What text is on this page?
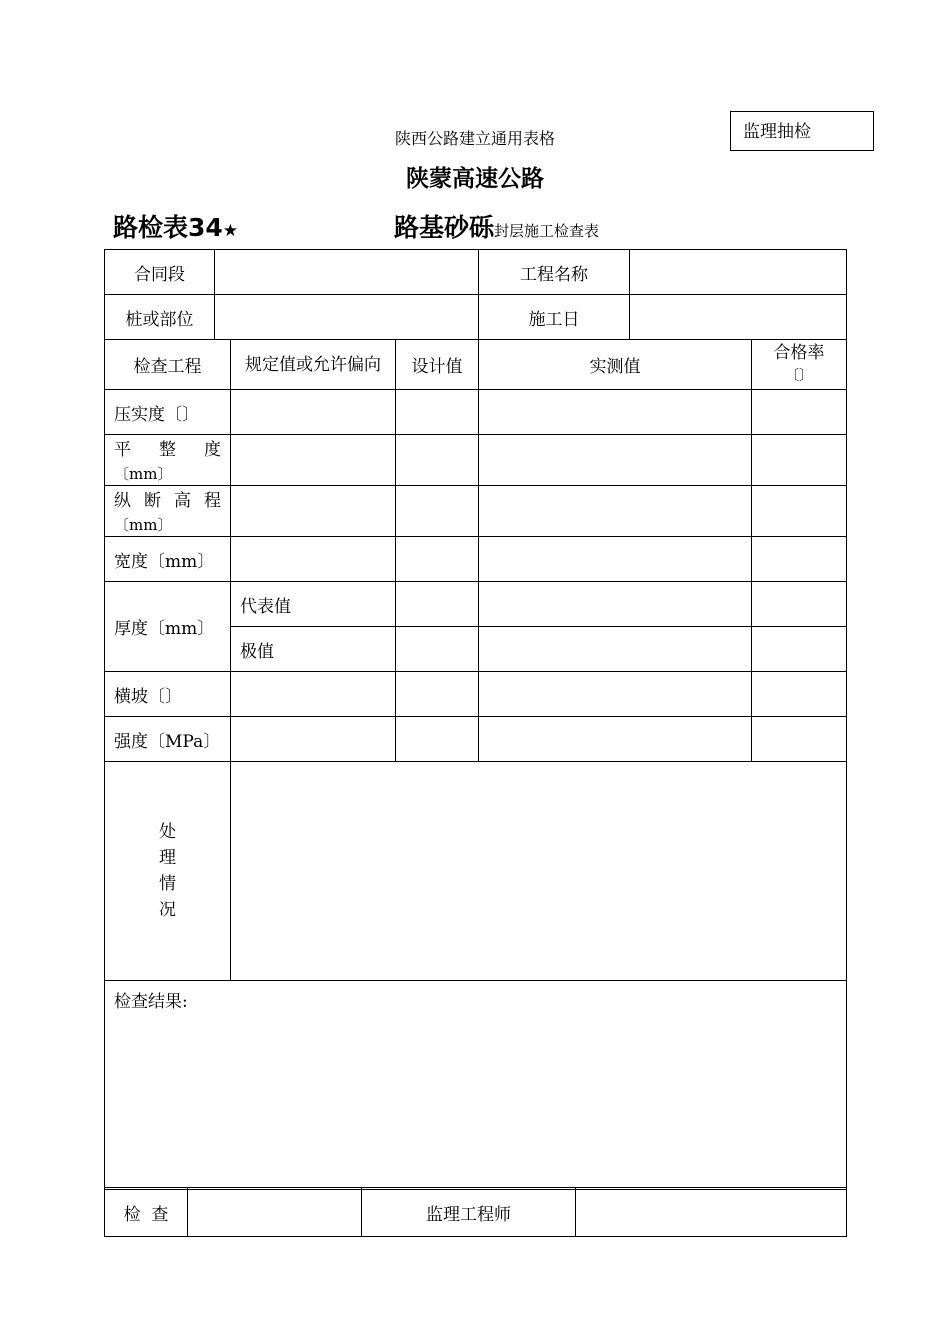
监理抽检
陕西公路建立通用表格
陕蒙高速公路
路检表34★	路基砂砾封层施工检查表
合同段				工程名称		
桩或部位				施工日		
检查工程		规定值或允许偏向	设计值	实测值		合格率
〔〕
压实度〔〕						

平 整 度
〔mm〕						

纵 断 高 程
〔mm〕						

宽度〔mm〕						
厚度〔mm〕		代表值				
		极值				
横坡〔〕						
强度〔MPa〕						

处
理
情
况						

检查结果:						
检  查		监理工程师	
